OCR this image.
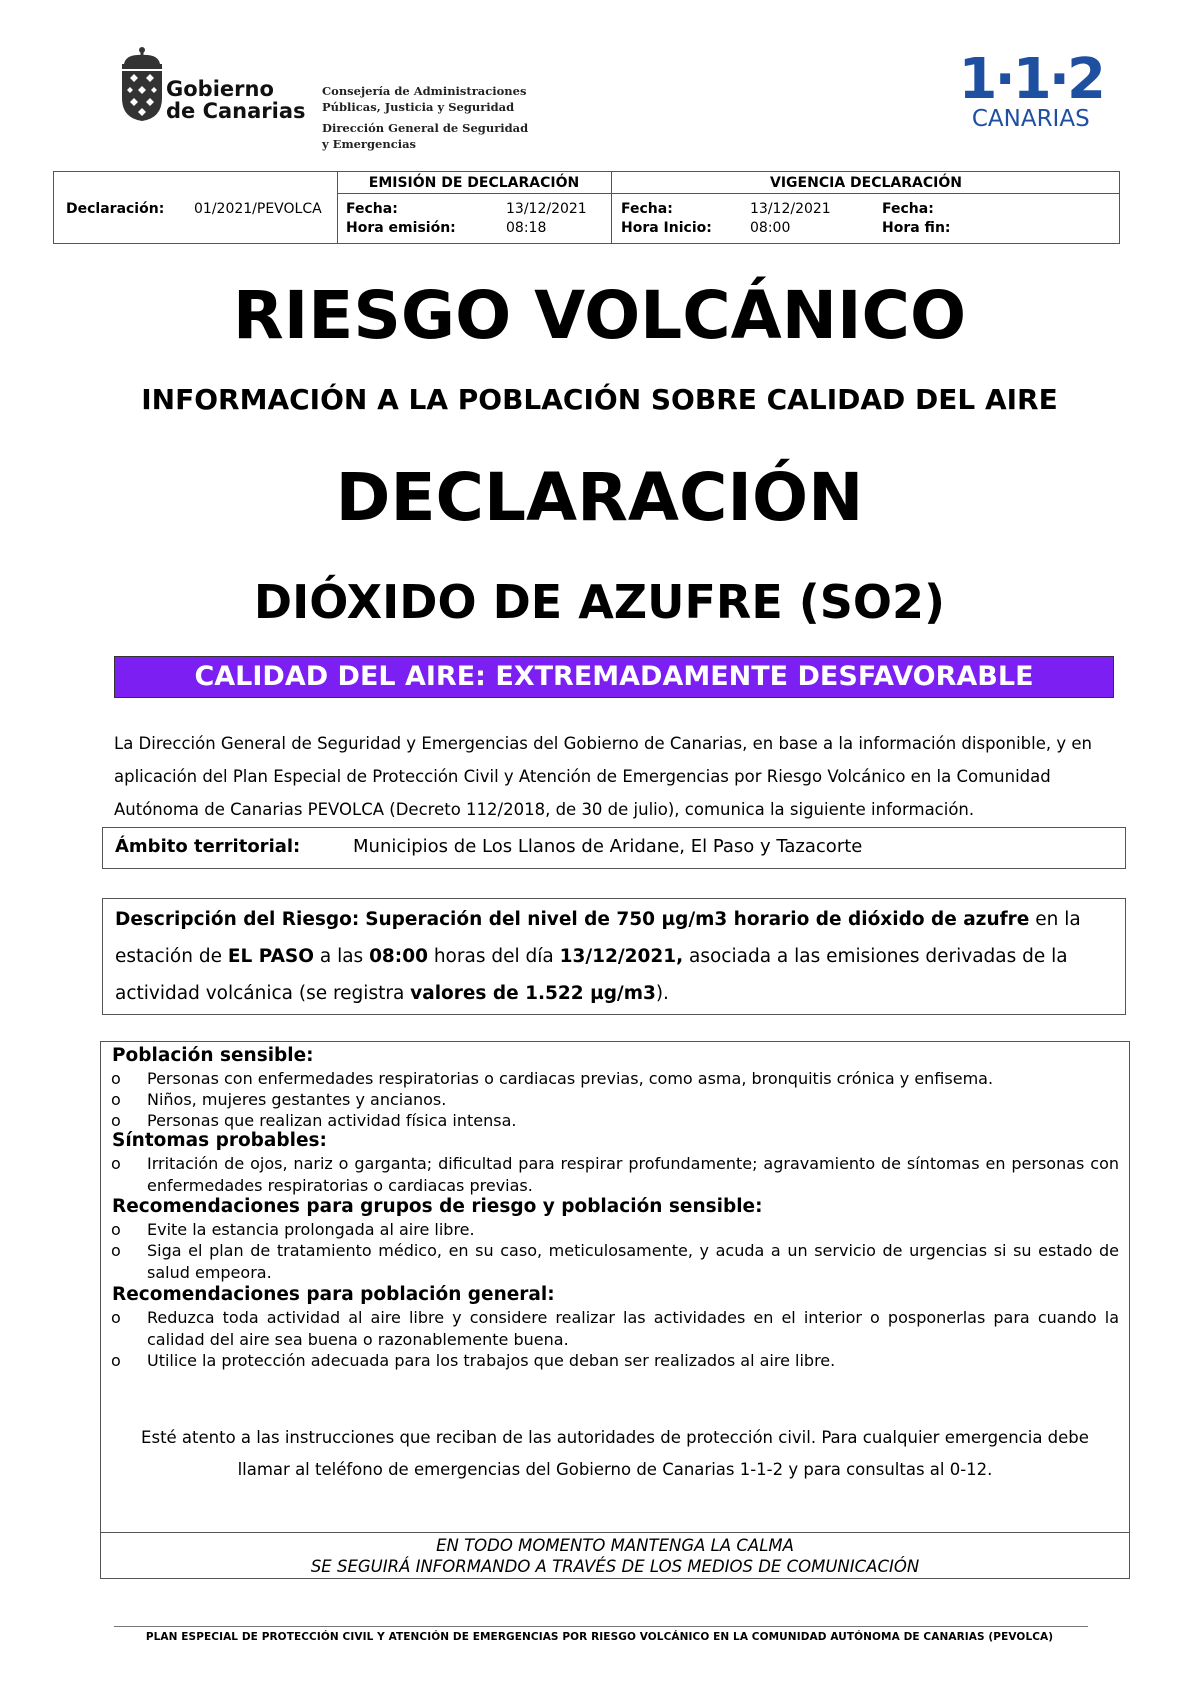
Gobierno
de Canarias
Consejería de Administraciones
Públicas, Justicia y Seguridad
Dirección General de Seguridad
y Emergencias
1·1·2
CANARIAS
Declaración: 01/2021/PEVOLCA
EMISIÓN DE DECLARACIÓN	VIGENCIA DECLARACIÓN
Fecha:	13/12/2021
Hora emisión:	08:18
Fecha:	13/12/2021
Hora Inicio:	08:00
Fecha:
Hora fin:
RIESGO VOLCÁNICO
INFORMACIÓN A LA POBLACIÓN SOBRE CALIDAD DEL AIRE
DECLARACIÓN
DIÓXIDO DE AZUFRE (SO2)
CALIDAD DEL AIRE: EXTREMADAMENTE DESFAVORABLE
La Dirección General de Seguridad y Emergencias del Gobierno de Canarias, en base a la información disponible, y en aplicación del Plan Especial de Protección Civil y Atención de Emergencias por Riesgo Volcánico en la Comunidad Autónoma de Canarias PEVOLCA (Decreto 112/2018, de 30 de julio), comunica la siguiente información.
Ámbito territorial:	Municipios de Los Llanos de Aridane, El Paso y Tazacorte
Descripción del Riesgo: Superación del nivel de 750 µg/m3 horario de dióxido de azufre en la estación de EL PASO a las 08:00 horas del día 13/12/2021, asociada a las emisiones derivadas de la actividad volcánica (se registra valores de 1.522 µg/m3).
Población sensible:
o Personas con enfermedades respiratorias o cardiacas previas, como asma, bronquitis crónica y enfisema.
o Niños, mujeres gestantes y ancianos.
o Personas que realizan actividad física intensa.
Síntomas probables:
o Irritación de ojos, nariz o garganta; dificultad para respirar profundamente; agravamiento de síntomas en personas con enfermedades respiratorias o cardiacas previas.
Recomendaciones para grupos de riesgo y población sensible:
o Evite la estancia prolongada al aire libre.
o Siga el plan de tratamiento médico, en su caso, meticulosamente, y acuda a un servicio de urgencias si su estado de salud empeora.
Recomendaciones para población general:
o Reduzca toda actividad al aire libre y considere realizar las actividades en el interior o posponerlas para cuando la calidad del aire sea buena o razonablemente buena.
o Utilice la protección adecuada para los trabajos que deban ser realizados al aire libre.
Esté atento a las instrucciones que reciban de las autoridades de protección civil. Para cualquier emergencia debe llamar al teléfono de emergencias del Gobierno de Canarias 1-1-2 y para consultas al 0-12.
EN TODO MOMENTO MANTENGA LA CALMA
SE SEGUIRÁ INFORMANDO A TRAVÉS DE LOS MEDIOS DE COMUNICACIÓN
PLAN ESPECIAL DE PROTECCIÓN CIVIL Y ATENCIÓN DE EMERGENCIAS POR RIESGO VOLCÁNICO EN LA COMUNIDAD AUTÓNOMA DE CANARIAS (PEVOLCA)
